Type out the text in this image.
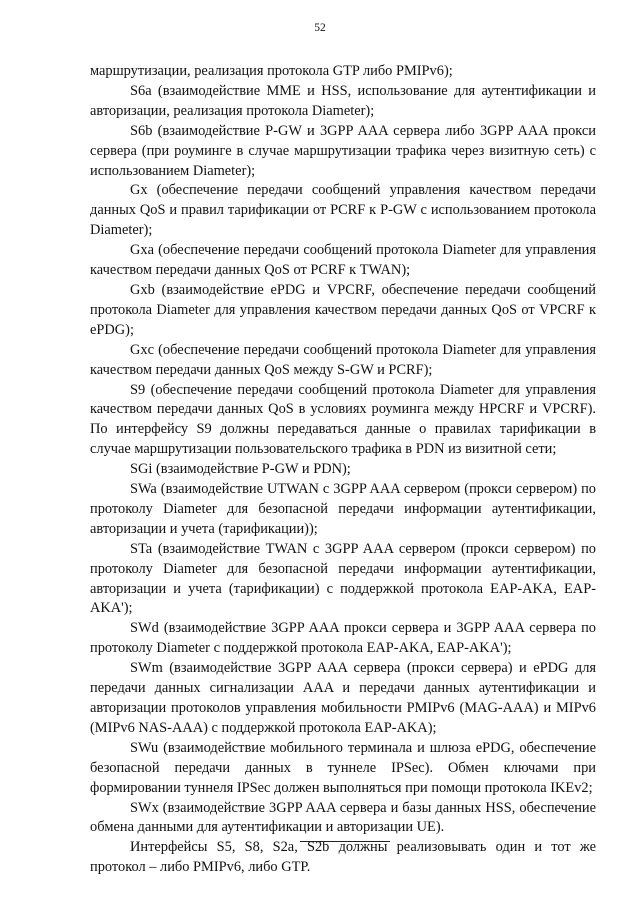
52

маршрутизации, реализация протокола GTP либо PMIPv6);

S6a (взаимодействие MME и HSS, использование для аутентификации и авторизации, реализация протокола Diameter);

S6b (взаимодействие P-GW и 3GPP AAA сервера либо 3GPP AAA прокси сервера (при роуминге в случае маршрутизации трафика через визитную сеть) с использованием Diameter);

Gx (обеспечение передачи сообщений управления качеством передачи данных QoS и правил тарификации от PCRF к P-GW с использованием протокола Diameter);

Gxa (обеспечение передачи сообщений протокола Diameter для управления качеством передачи данных QoS от PCRF к TWAN);

Gxb (взаимодействие ePDG и VPCRF, обеспечение передачи сообщений протокола Diameter для управления качеством передачи данных QoS от VPCRF к ePDG);

Gxc (обеспечение передачи сообщений протокола Diameter для управления качеством передачи данных QoS между S-GW и PCRF);

S9 (обеспечение передачи сообщений протокола Diameter для управления качеством передачи данных QoS в условиях роуминга между HPCRF и VPCRF). По интерфейсу S9 должны передаваться данные о правилах тарификации в случае маршрутизации пользовательского трафика в PDN из визитной сети;

SGi (взаимодействие P-GW и PDN);

SWa (взаимодействие UTWAN с 3GPP AAA сервером (прокси сервером) по протоколу Diameter для безопасной передачи информации аутентификации, авторизации и учета (тарификации));

STa (взаимодействие TWAN с 3GPP AAA сервером (прокси сервером) по протоколу Diameter для безопасной передачи информации аутентификации, авторизации и учета (тарификации) с поддержкой протокола EAP-AKA, EAP-AKA');

SWd (взаимодействие 3GPP AAA прокси сервера и 3GPP AAA сервера по протоколу Diameter с поддержкой протокола EAP-AKA, EAP-AKA');

SWm (взаимодействие 3GPP AAA сервера (прокси сервера) и ePDG для передачи данных сигнализации AAA и передачи данных аутентификации и авторизации протоколов управления мобильности PMIPv6 (MAG-AAA) и MIPv6 (MIPv6 NAS-AAA) с поддержкой протокола EAP-AKA);

SWu (взаимодействие мобильного терминала и шлюза ePDG, обеспечение безопасной передачи данных в туннеле IPSec). Обмен ключами при формировании туннеля IPSec должен выполняться при помощи протокола IKEv2;

SWx (взаимодействие 3GPP AAA сервера и базы данных HSS, обеспечение обмена данными для аутентификации и авторизации UE).

Интерфейсы S5, S8, S2a, S2b должны реализовывать один и тот же протокол – либо PMIPv6, либо GTP.
